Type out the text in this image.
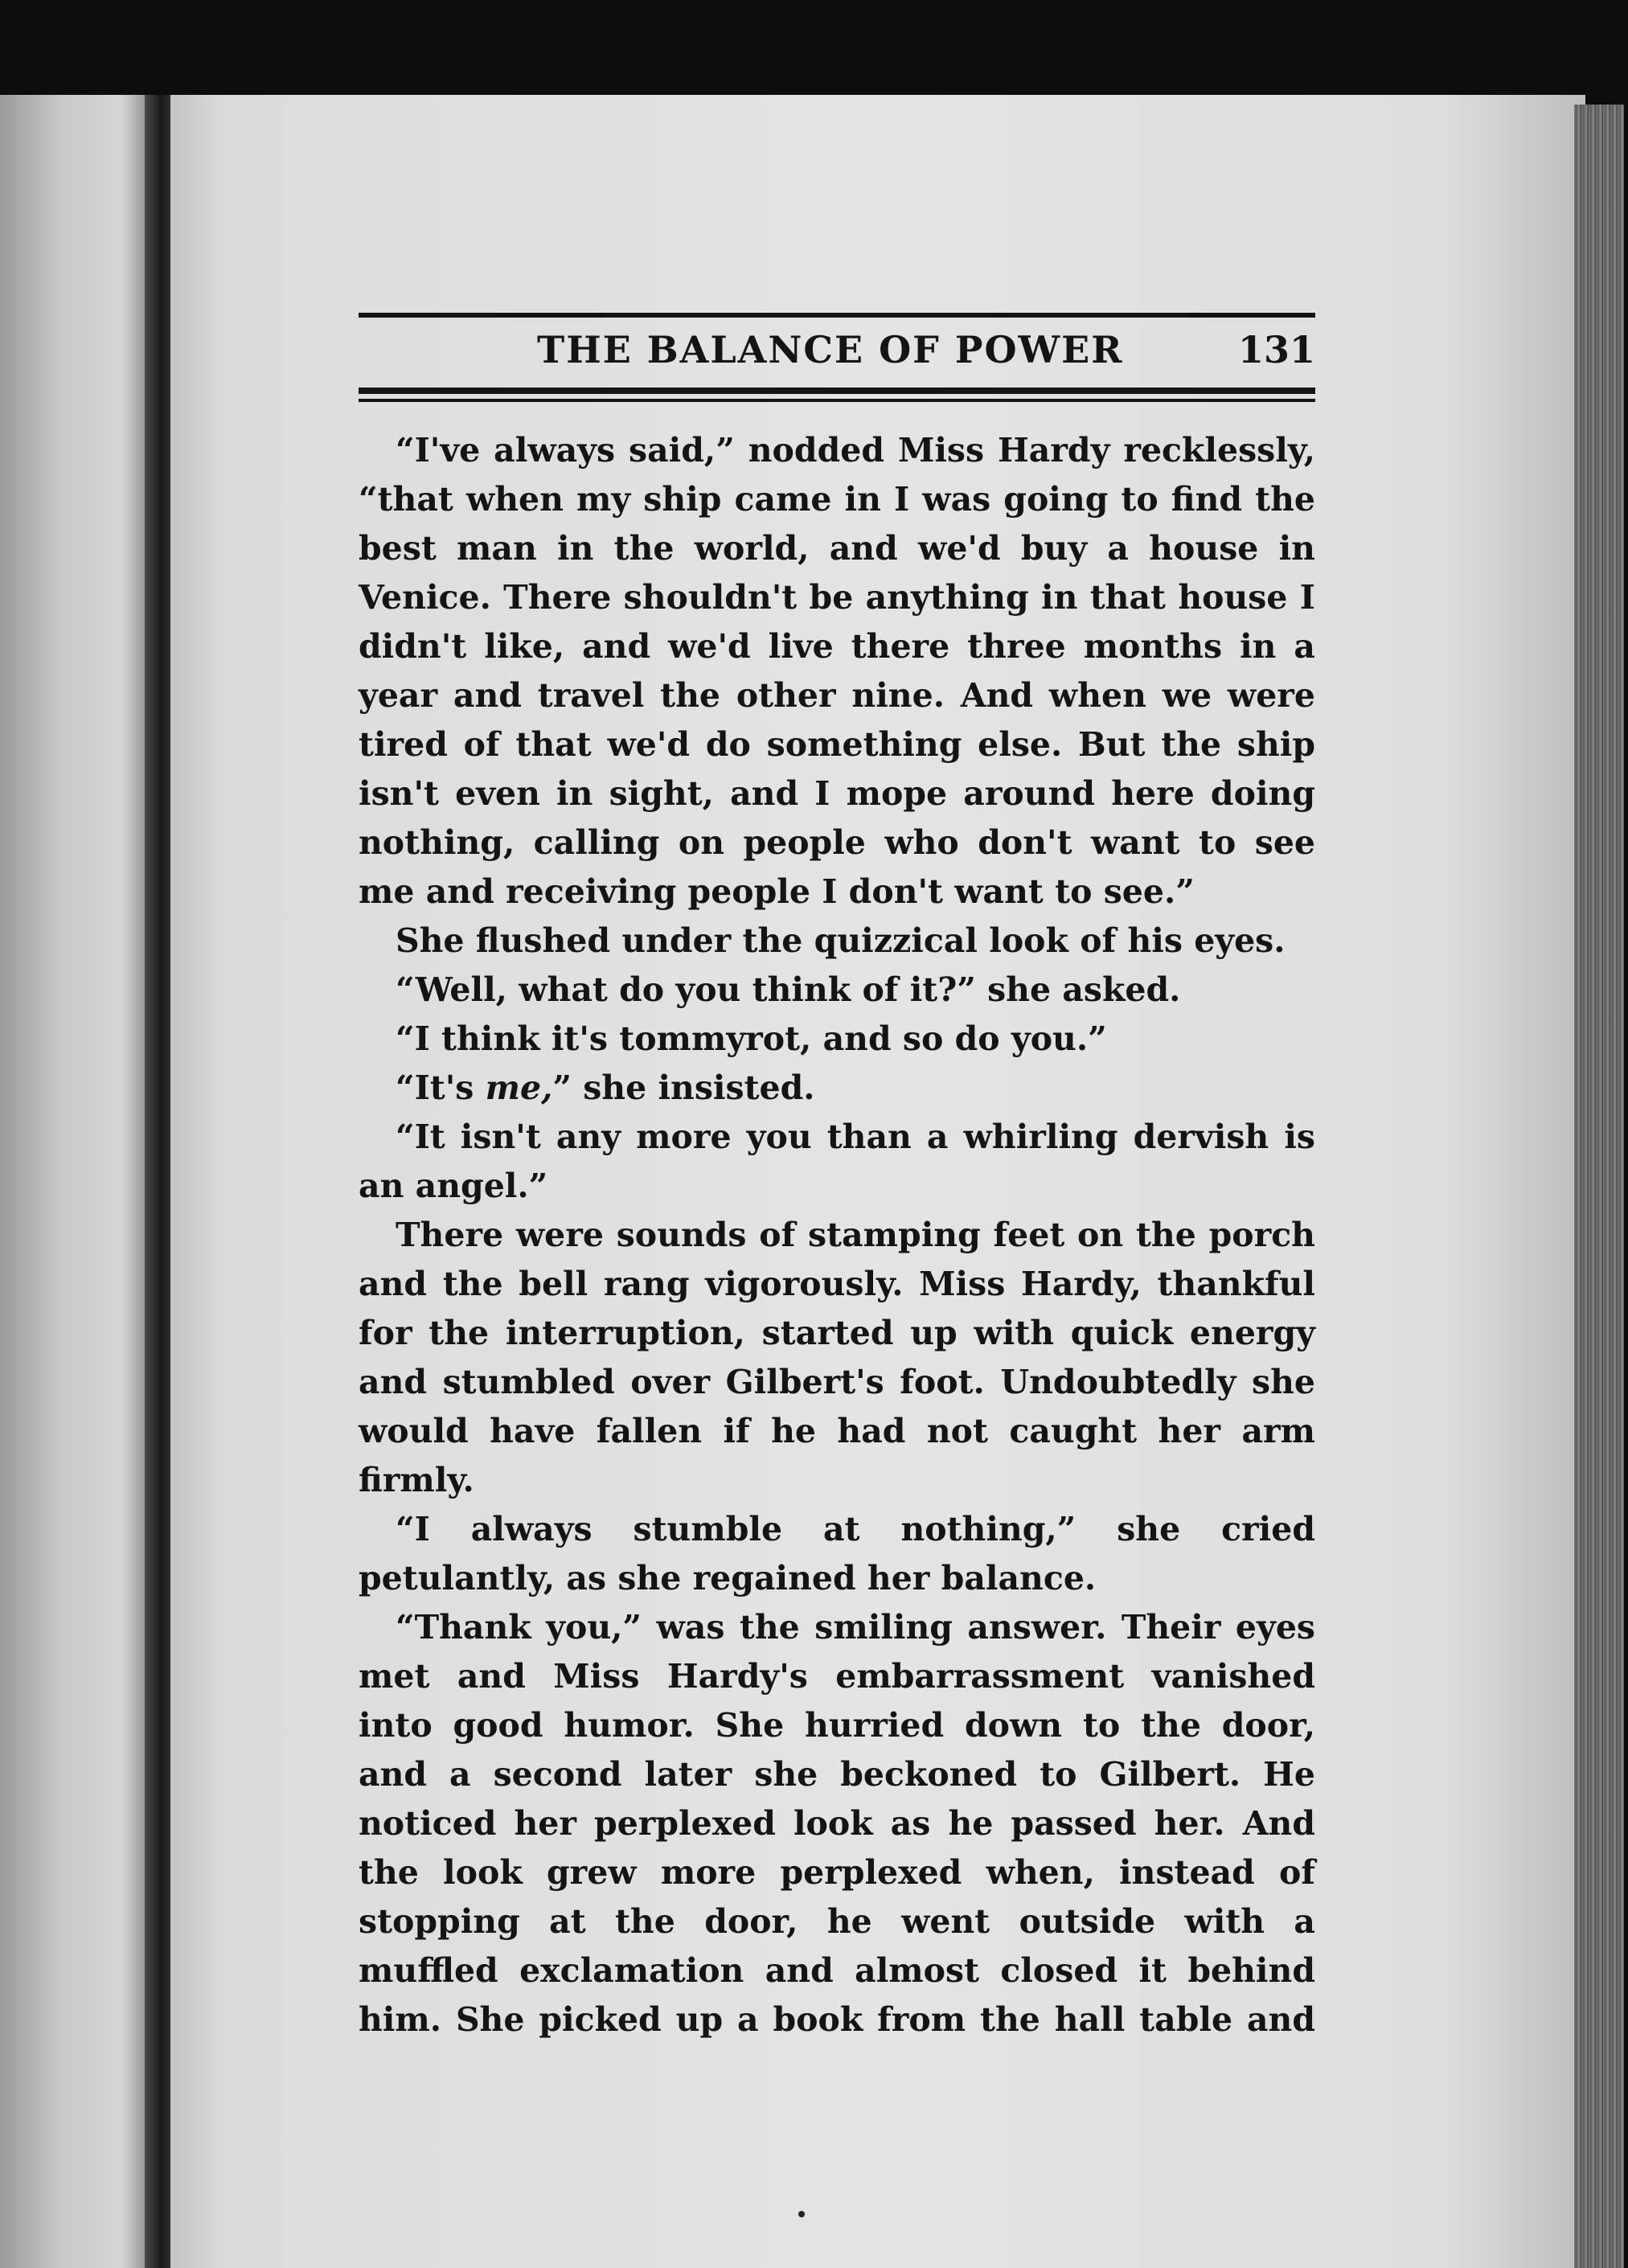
THE BALANCE OF POWER	131

“I've always said,” nodded Miss Hardy recklessly, “that when my ship came in I was going to find the best man in the world, and we'd buy a house in Venice. There shouldn't be anything in that house I didn't like, and we'd live there three months in a year and travel the other nine. And when we were tired of that we'd do something else. But the ship isn't even in sight, and I mope around here doing nothing, calling on people who don't want to see me and receiving people I don't want to see.”

She flushed under the quizzical look of his eyes.

“Well, what do you think of it?” she asked.

“I think it's tommyrot, and so do you.”

“It's me,” she insisted.

“It isn't any more you than a whirling dervish is an angel.”

There were sounds of stamping feet on the porch and the bell rang vigorously. Miss Hardy, thankful for the interruption, started up with quick energy and stumbled over Gilbert's foot. Undoubtedly she would have fallen if he had not caught her arm firmly.

“I always stumble at nothing,” she cried petulantly, as she regained her balance.

“Thank you,” was the smiling answer. Their eyes met and Miss Hardy's embarrassment vanished into good humor. She hurried down to the door, and a second later she beckoned to Gilbert. He noticed her perplexed look as he passed her. And the look grew more perplexed when, instead of stopping at the door, he went outside with a muffled exclamation and almost closed it behind him. She picked up a book from the hall table and
